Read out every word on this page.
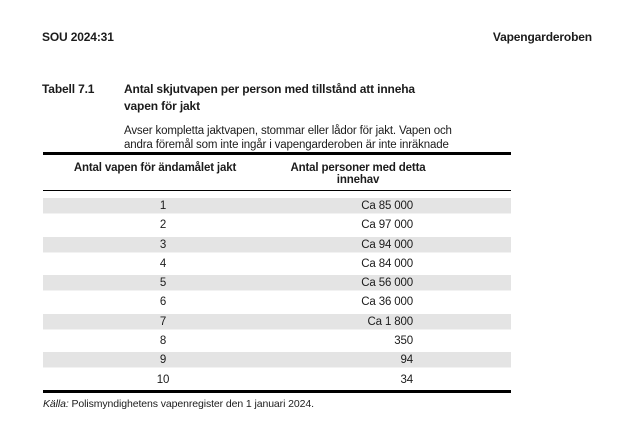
SOU 2024:31	Vapengarderoben
Tabell 7.1	Antal skjutvapen per person med tillstånd att inneha
vapen för jakt
Avser kompletta jaktvapen, stommar eller lådor för jakt. Vapen och
andra föremål som inte ingår i vapengarderoben är inte inräknade
Antal vapen för ändamålet jakt	Antal personer med detta innehav
1	Ca 85 000
2	Ca 97 000
3	Ca 94 000
4	Ca 84 000
5	Ca 56 000
6	Ca 36 000
7	Ca 1 800
8	350
9	94
10	34
Källa: Polismyndighetens vapenregister den 1 januari 2024.
